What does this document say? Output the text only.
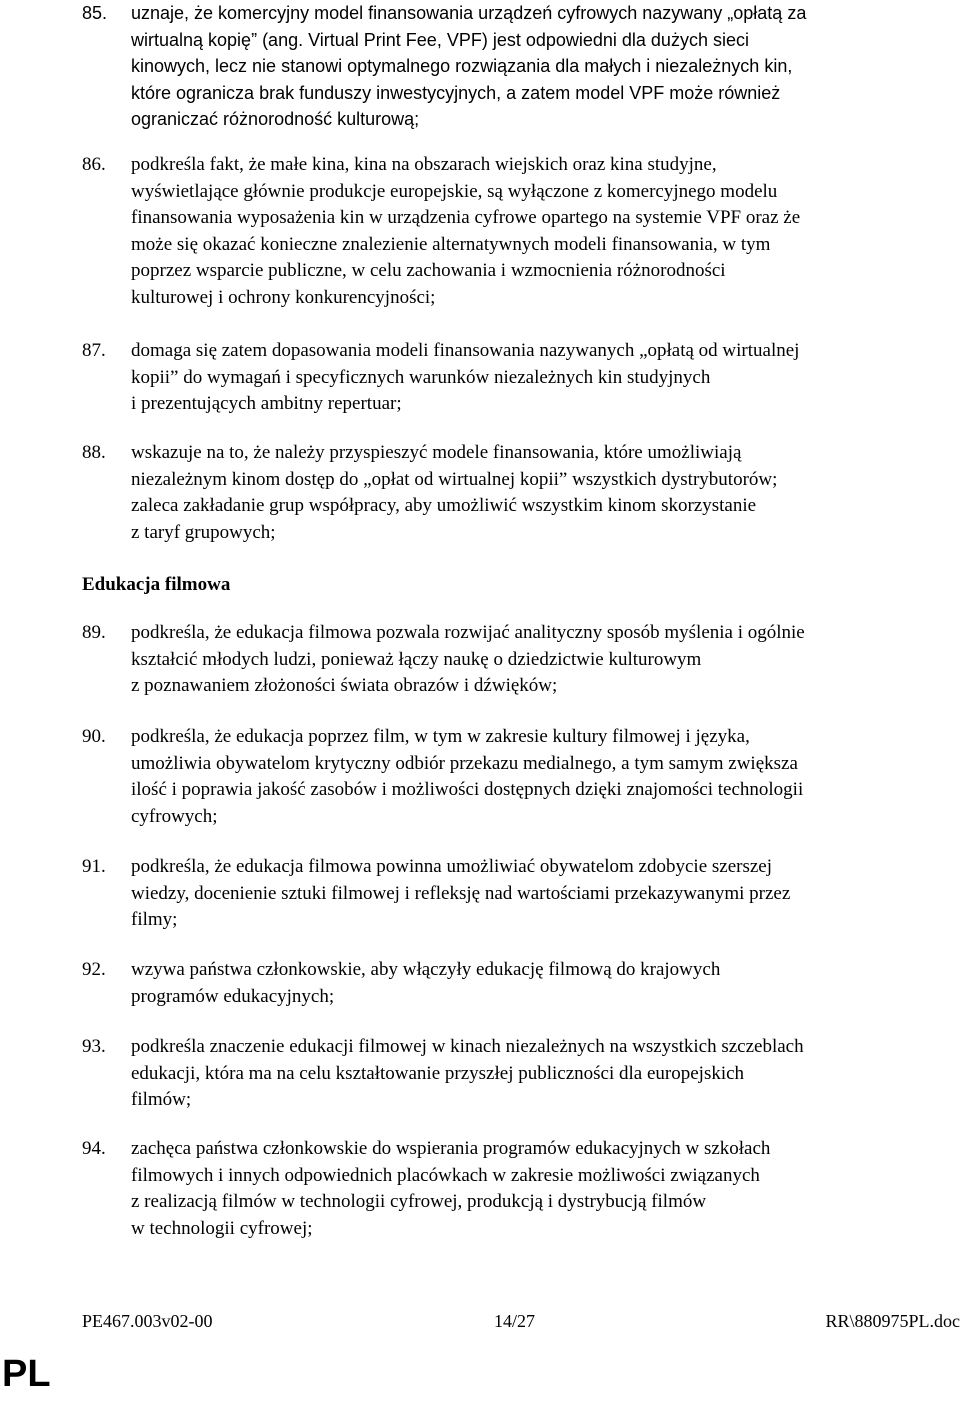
85. uznaje, że komercyjny model finansowania urządzeń cyfrowych nazywany „opłatą za
wirtualną kopię” (ang. Virtual Print Fee, VPF) jest odpowiedni dla dużych sieci
kinowych, lecz nie stanowi optymalnego rozwiązania dla małych i niezależnych kin,
które ogranicza brak funduszy inwestycyjnych, a zatem model VPF może również
ograniczać różnorodność kulturową;
86. podkreśla fakt, że małe kina, kina na obszarach wiejskich oraz kina studyjne,
wyświetlające głównie produkcje europejskie, są wyłączone z komercyjnego modelu
finansowania wyposażenia kin w urządzenia cyfrowe opartego na systemie VPF oraz że
może się okazać konieczne znalezienie alternatywnych modeli finansowania, w tym
poprzez wsparcie publiczne, w celu zachowania i wzmocnienia różnorodności
kulturowej i ochrony konkurencyjności;
87. domaga się zatem dopasowania modeli finansowania nazywanych „opłatą od wirtualnej
kopii” do wymagań i specyficznych warunków niezależnych kin studyjnych
i prezentujących ambitny repertuar;
88. wskazuje na to, że należy przyspieszyć modele finansowania, które umożliwiają
niezależnym kinom dostęp do „opłat od wirtualnej kopii” wszystkich dystrybutorów;
zaleca zakładanie grup współpracy, aby umożliwić wszystkim kinom skorzystanie
z taryf grupowych;
Edukacja filmowa
89. podkreśla, że edukacja filmowa pozwala rozwijać analityczny sposób myślenia i ogólnie
kształcić młodych ludzi, ponieważ łączy naukę o dziedzictwie kulturowym
z poznawaniem złożoności świata obrazów i dźwięków;
90. podkreśla, że edukacja poprzez film, w tym w zakresie kultury filmowej i języka,
umożliwia obywatelom krytyczny odbiór przekazu medialnego, a tym samym zwiększa
ilość i poprawia jakość zasobów i możliwości dostępnych dzięki znajomości technologii
cyfrowych;
91. podkreśla, że edukacja filmowa powinna umożliwiać obywatelom zdobycie szerszej
wiedzy, docenienie sztuki filmowej i refleksję nad wartościami przekazywanymi przez
filmy;
92. wzywa państwa członkowskie, aby włączyły edukację filmową do krajowych
programów edukacyjnych;
93. podkreśla znaczenie edukacji filmowej w kinach niezależnych na wszystkich szczeblach
edukacji, która ma na celu kształtowanie przyszłej publiczności dla europejskich
filmów;
94. zachęca państwa członkowskie do wspierania programów edukacyjnych w szkołach
filmowych i innych odpowiednich placówkach w zakresie możliwości związanych
z realizacją filmów w technologii cyfrowej, produkcją i dystrybucją filmów
w technologii cyfrowej;
PE467.003v02-00	14/27	RR\880975PL.doc
PL
